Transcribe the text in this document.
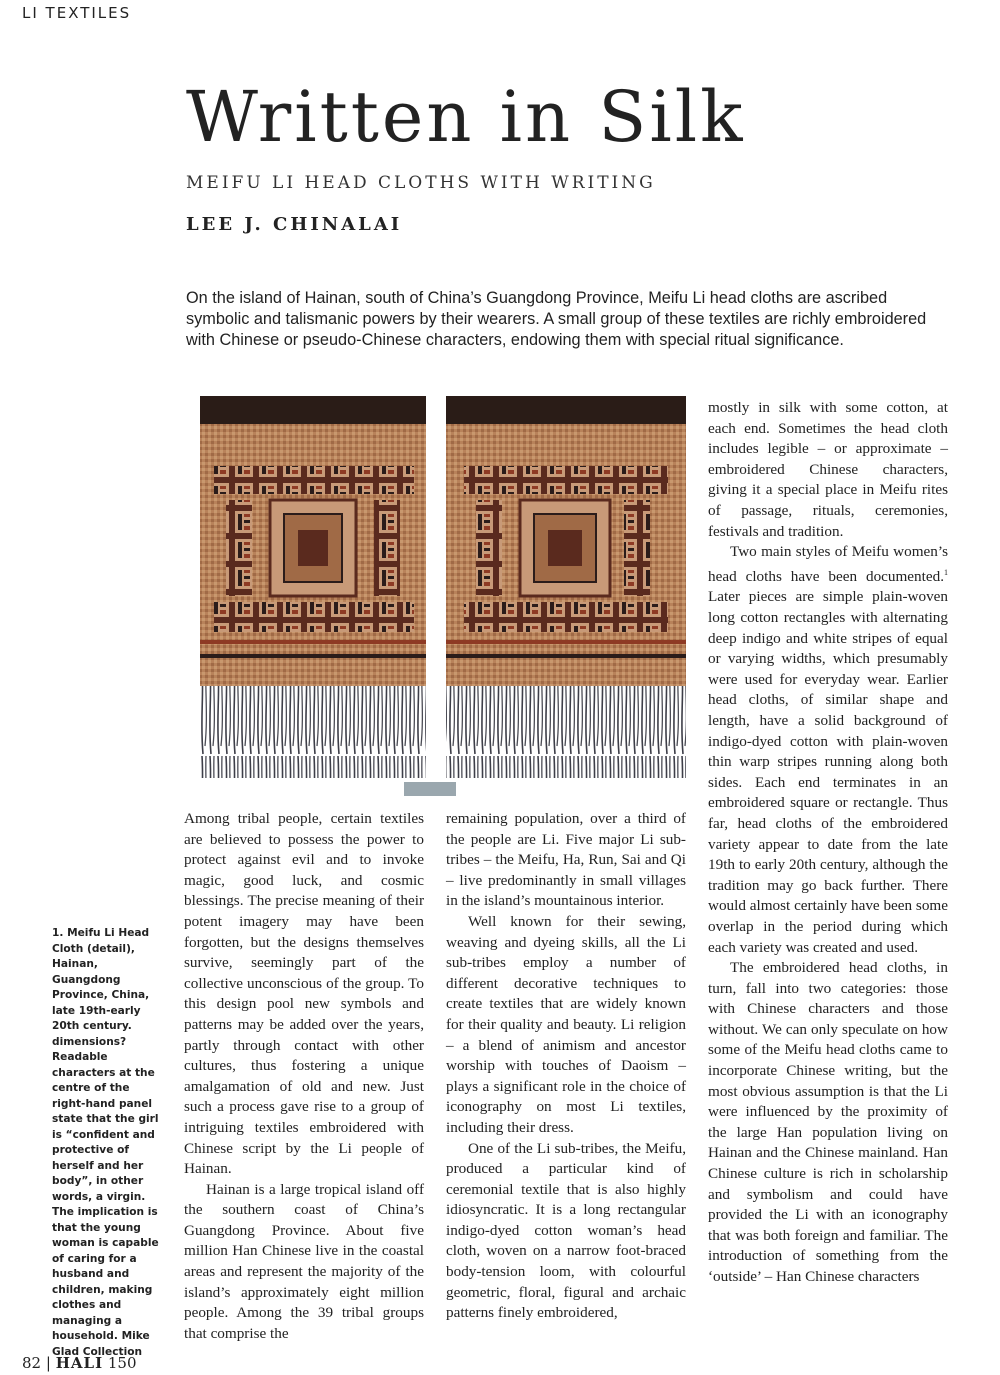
LI TEXTILES
Written in Silk
MEIFU LI HEAD CLOTHS WITH WRITING
LEE J. CHINALAI
On the island of Hainan, south of China’s Guangdong Province, Meifu Li head cloths are ascribed symbolic and talismanic powers by their wearers. A small group of these textiles are richly embroidered with Chinese or pseudo-Chinese characters, endowing them with special ritual significance.
1. Meifu Li Head Cloth (detail), Hainan, Guangdong Province, China, late 19th-early 20th century. dimensions? Readable characters at the centre of the right-hand panel state that the girl is “confident and protective of herself and her body”, in other words, a virgin. The implication is that the young woman is capable of caring for a husband and children, making clothes and managing a household. Mike Glad Collection

Among tribal people, certain textiles are believed to possess the power to protect against evil and to invoke magic, good luck, and cosmic blessings. The precise meaning of their potent imagery may have been forgotten, but the designs themselves survive, seemingly part of the collective unconscious of the group. To this design pool new symbols and patterns may be added over the years, partly through contact with other cultures, thus fostering a unique amalgamation of old and new. Just such a process gave rise to a group of intriguing textiles embroidered with Chinese script by the Li people of Hainan.

Hainan is a large tropical island off the southern coast of China’s Guangdong Province. About five million Han Chinese live in the coastal areas and represent the majority of the island’s approximately eight million people. Among the 39 tribal groups that comprise the

remaining population, over a third of the people are Li. Five major Li sub-tribes – the Meifu, Ha, Run, Sai and Qi – live predominantly in small villages in the island’s mountainous interior.

Well known for their sewing, weaving and dyeing skills, all the Li sub-tribes employ a number of different decorative techniques to create textiles that are widely known for their quality and beauty. Li religion – a blend of animism and ancestor worship with touches of Daoism – plays a significant role in the choice of iconography on most Li textiles, including their dress.

One of the Li sub-tribes, the Meifu, produced a particular kind of ceremonial textile that is also highly idiosyncratic. It is a long rectangular indigo-dyed cotton woman’s head cloth, woven on a narrow foot-braced body-tension loom, with colourful geometric, floral, figural and archaic patterns finely embroidered,

mostly in silk with some cotton, at each end. Sometimes the head cloth includes legible – or approximate – embroidered Chinese characters, giving it a special place in Meifu rites of passage, rituals, ceremonies, festivals and tradition.

Two main styles of Meifu women’s head cloths have been documented.$^1$ Later pieces are simple plain-woven long cotton rectangles with alternating deep indigo and white stripes of equal or varying widths, which presumably were used for everyday wear. Earlier head cloths, of similar shape and length, have a solid background of indigo-dyed cotton with plain-woven thin warp stripes running along both sides. Each end terminates in an embroidered square or rectangle. Thus far, head cloths of the embroidered variety appear to date from the late 19th to early 20th century, although the tradition may go back further. There would almost certainly have been some overlap in the period during which each variety was created and used.

The embroidered head cloths, in turn, fall into two categories: those with Chinese characters and those without. We can only speculate on how some of the Meifu head cloths came to incorporate Chinese writing, but the most obvious assumption is that the Li were influenced by the proximity of the large Han population living on Hainan and the Chinese mainland. Han Chinese culture is rich in scholarship and symbolism and could have provided the Li with an iconography that was both foreign and familiar. The introduction of something from the ‘outside’ – Han Chinese characters

82 | HALI 150
